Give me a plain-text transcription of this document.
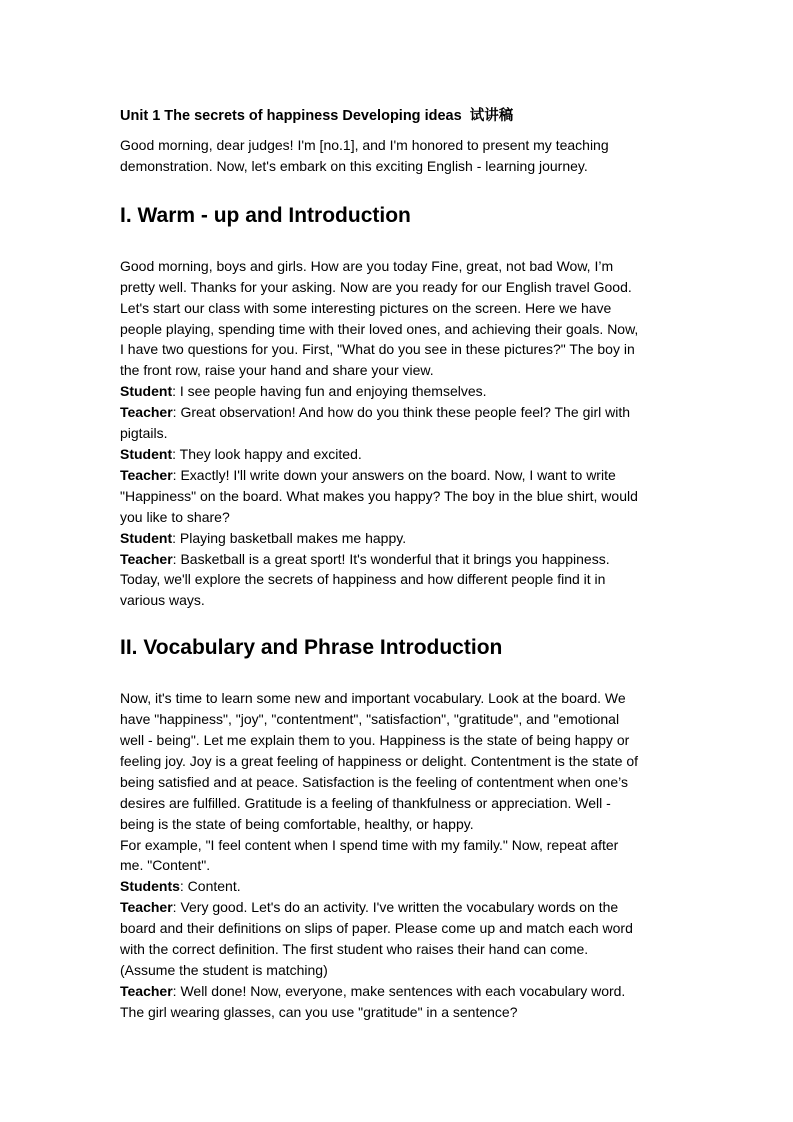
Unit 1 The secrets of happiness Developing ideas 试讲稿

Good morning, dear judges! I'm [no.1], and I'm honored to present my teaching

demonstration. Now, let's embark on this exciting English - learning journey.

I. Warm - up and Introduction

Good morning, boys and girls. How are you today Fine, great, not bad Wow, I’m

pretty well. Thanks for your asking. Now are you ready for our English travel Good.

Let's start our class with some interesting pictures on the screen. Here we have

people playing, spending time with their loved ones, and achieving their goals. Now,

I have two questions for you. First, "What do you see in these pictures?" The boy in

the front row, raise your hand and share your view.

Student: I see people having fun and enjoying themselves.

Teacher: Great observation! And how do you think these people feel? The girl with

pigtails.

Student: They look happy and excited.

Teacher: Exactly! I'll write down your answers on the board. Now, I want to write

"Happiness" on the board. What makes you happy? The boy in the blue shirt, would

you like to share?

Student: Playing basketball makes me happy.

Teacher: Basketball is a great sport! It's wonderful that it brings you happiness.

Today, we'll explore the secrets of happiness and how different people find it in

various ways.

II. Vocabulary and Phrase Introduction

Now, it's time to learn some new and important vocabulary. Look at the board. We

have "happiness", "joy", "contentment", "satisfaction", "gratitude", and "emotional

well - being". Let me explain them to you. Happiness is the state of being happy or

feeling joy. Joy is a great feeling of happiness or delight. Contentment is the state of

being satisfied and at peace. Satisfaction is the feeling of contentment when one’s

desires are fulfilled. Gratitude is a feeling of thankfulness or appreciation. Well -

being is the state of being comfortable, healthy, or happy.

For example, "I feel content when I spend time with my family." Now, repeat after

me. "Content".

Students: Content.

Teacher: Very good. Let's do an activity. I've written the vocabulary words on the

board and their definitions on slips of paper. Please come up and match each word

with the correct definition. The first student who raises their hand can come.

(Assume the student is matching)

Teacher: Well done! Now, everyone, make sentences with each vocabulary word.

The girl wearing glasses, can you use "gratitude" in a sentence?
